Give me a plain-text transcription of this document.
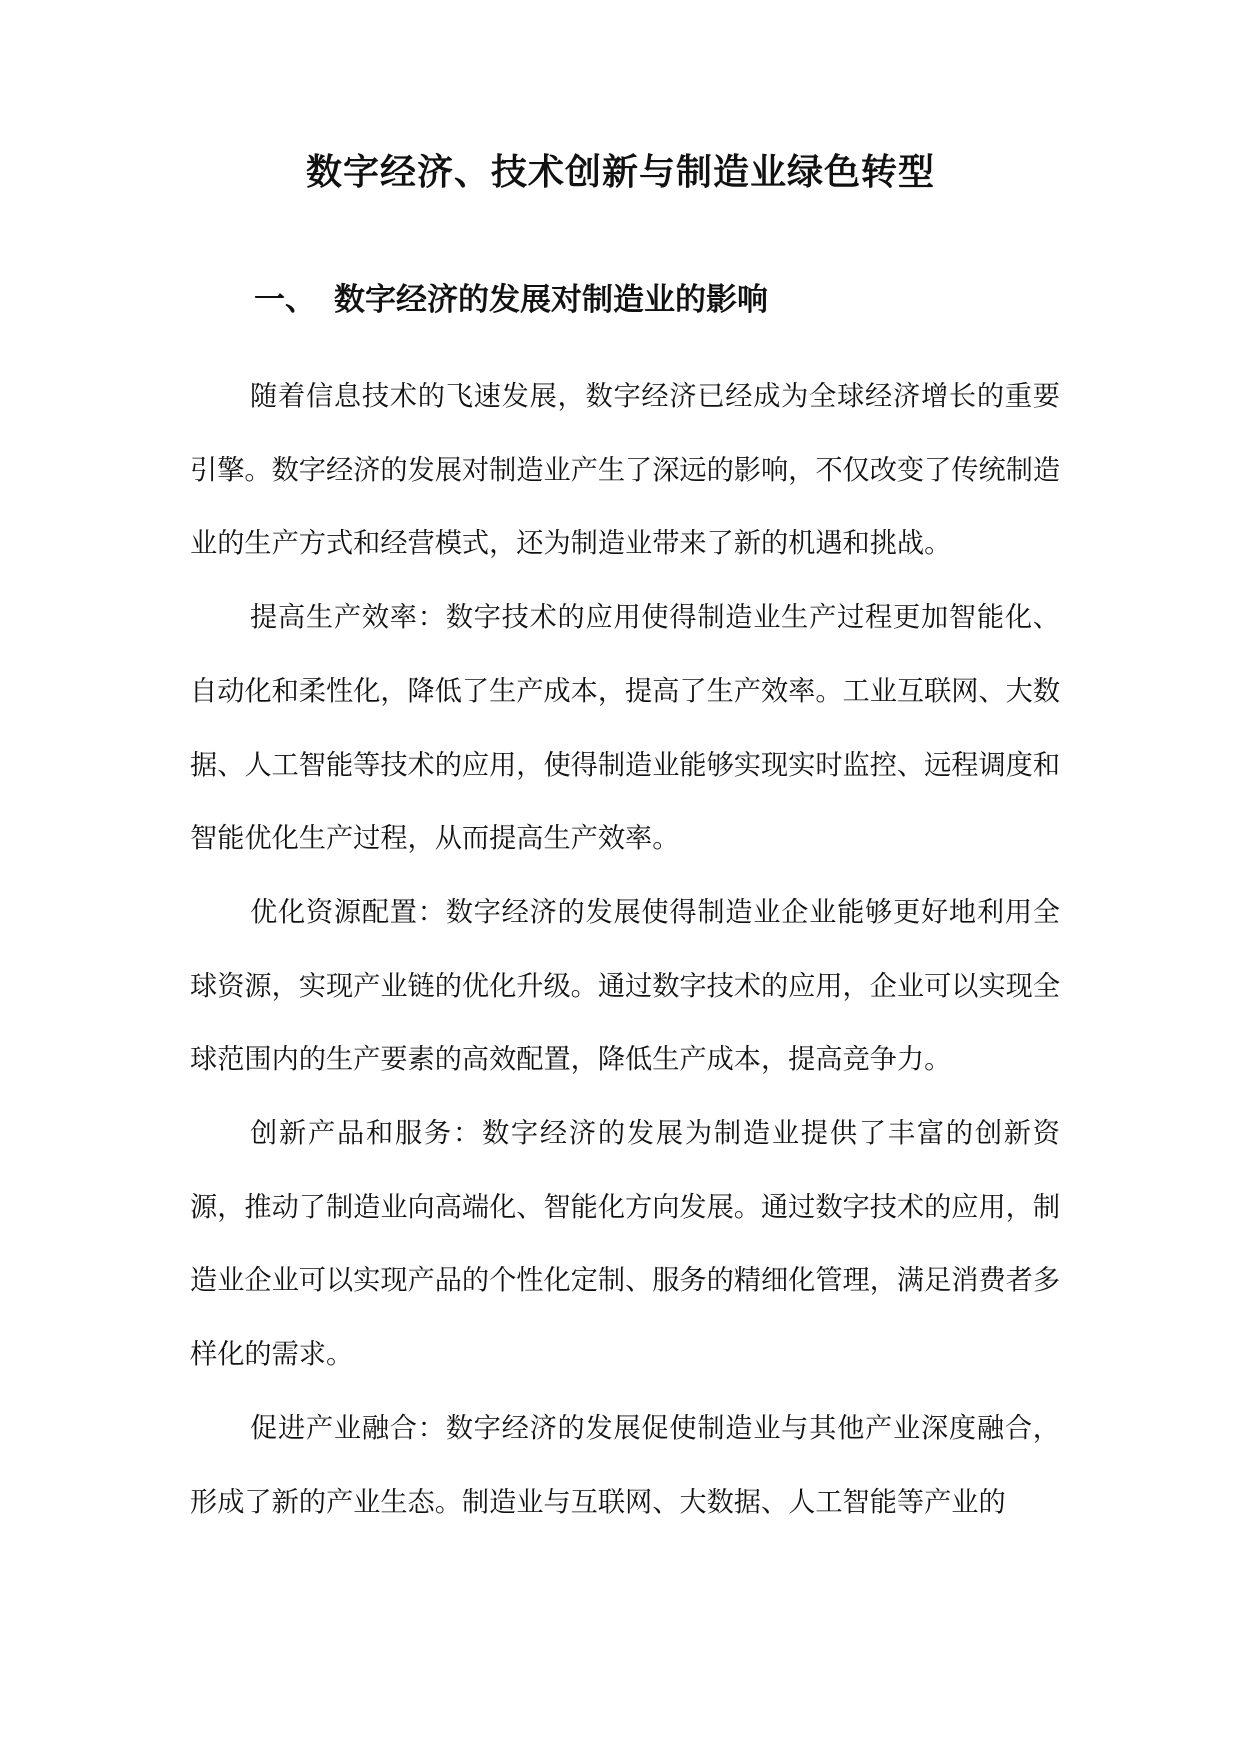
数字经济、技术创新与制造业绿色转型
一、 数字经济的发展对制造业的影响

随着信息技术的飞速发展，数字经济已经成为全球经济增长的重要引擎。数字经济的发展对制造业产生了深远的影响，不仅改变了传统制造业的生产方式和经营模式，还为制造业带来了新的机遇和挑战。

提高生产效率：数字技术的应用使得制造业生产过程更加智能化、自动化和柔性化，降低了生产成本，提高了生产效率。工业互联网、大数据、人工智能等技术的应用，使得制造业能够实现实时监控、远程调度和智能优化生产过程，从而提高生产效率。

优化资源配置：数字经济的发展使得制造业企业能够更好地利用全球资源，实现产业链的优化升级。通过数字技术的应用，企业可以实现全球范围内的生产要素的高效配置，降低生产成本，提高竞争力。

创新产品和服务：数字经济的发展为制造业提供了丰富的创新资源，推动了制造业向高端化、智能化方向发展。通过数字技术的应用，制造业企业可以实现产品的个性化定制、服务的精细化管理，满足消费者多样化的需求。

促进产业融合：数字经济的发展促使制造业与其他产业深度融合，形成了新的产业生态。制造业与互联网、大数据、人工智能等产业的
